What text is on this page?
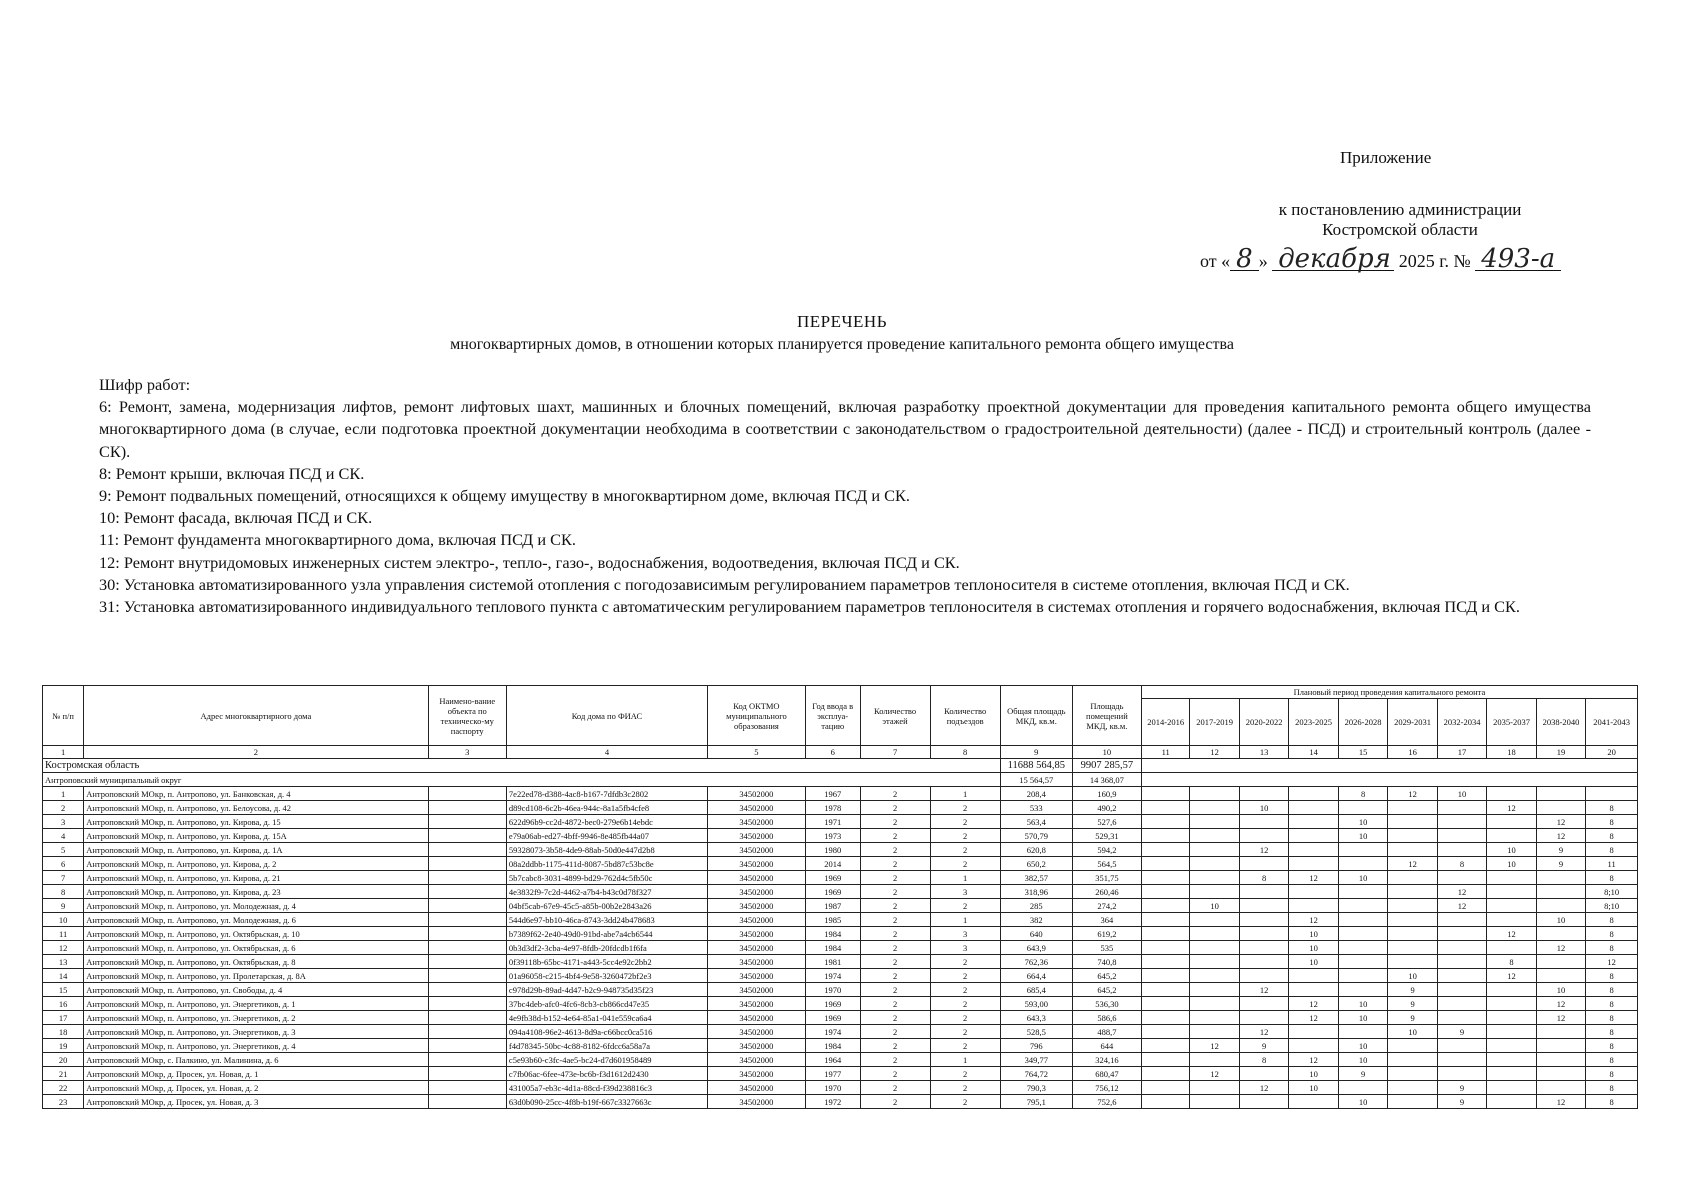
Приложение
к постановлению администрации
Костромской области
от « 8 » декабря 2025 г. № 493-а
ПЕРЕЧЕНЬ
многоквартирных домов, в отношении которых планируется проведение капитального ремонта общего имущества

Шифр работ:

6: Ремонт, замена, модернизация лифтов, ремонт лифтовых шахт, машинных и блочных помещений, включая разработку проектной документации для проведения капитального ремонта общего имущества многоквартирного дома (в случае, если подготовка проектной документации необходима в соответствии с законодательством о градостроительной деятельности) (далее - ПСД) и строительный контроль (далее - СК).

8: Ремонт крыши, включая ПСД и СК.

9: Ремонт подвальных помещений, относящихся к общему имуществу в многоквартирном доме, включая ПСД и СК.

10: Ремонт фасада, включая ПСД и СК.

11: Ремонт фундамента многоквартирного дома, включая ПСД и СК.

12: Ремонт внутридомовых инженерных систем электро-, тепло-, газо-, водоснабжения, водоотведения, включая ПСД и СК.

30: Установка автоматизированного узла управления системой отопления с погодозависимым регулированием параметров теплоносителя в системе отопления, включая ПСД и СК.

31: Установка автоматизированного индивидуального теплового пункта с автоматическим регулированием параметров теплоносителя в системах отопления и горячего водоснабжения, включая ПСД и СК.

№ п/п	Адрес многоквартирного дома	Наимено-вание объекта по техническо-му паспорту	Код дома по ФИАС	Код ОКТМО муниципального образования	Год ввода в эксплуа-тацию	Количество этажей	Количество подъездов	Общая площадь МКД, кв.м.	Площадь помещений МКД, кв.м.	Плановый период проведения капитального ремонта									
										2014-2016	2017-2019	2020-2022	2023-2025	2026-2028	2029-2031	2032-2034	2035-2037	2038-2040	2041-2043
1	2	3	4	5	6	7	8	9	10	11	12	13	14	15	16	17	18	19	20
Костромская область								11688 564,85	9907 285,57										
Антроповский муниципальный округ								15 564,57	14 368,07										
1	Антроповский МОкр, п. Антропово, ул. Банковская, д. 4		7e22ed78-d388-4ac8-b167-7dfdb3c2802	34502000	1967	2	1	208,4	160,9					8	12	10			
2	Антроповский МОкр, п. Антропово, ул. Белоусова, д. 42		d89cd108-6c2b-46ea-944c-8a1a5fb4cfe8	34502000	1978	2	2	533	490,2			10					12		8
3	Антроповский МОкр, п. Антропово, ул. Кирова, д. 15		622d96b9-cc2d-4872-bec0-279e6b14ebdc	34502000	1971	2	2	563,4	527,6					10				12	8
4	Антроповский МОкр, п. Антропово, ул. Кирова, д. 15А		e79a06ab-ed27-4bff-9946-8e485fb44a07	34502000	1973	2	2	570,79	529,31					10				12	8
5	Антроповский МОкр, п. Антропово, ул. Кирова, д. 1А		59328073-3b58-4de9-88ab-50d0e447d2b8	34502000	1980	2	2	620,8	594,2			12					10	9	8
6	Антроповский МОкр, п. Антропово, ул. Кирова, д. 2		08a2ddbb-1175-411d-8087-5bd87c53bc8e	34502000	2014	2	2	650,2	564,5						12	8	10	9	11
7	Антроповский МОкр, п. Антропово, ул. Кирова, д. 21		5b7cabc8-3031-4899-bd29-762d4c5fb50c	34502000	1969	2	1	382,57	351,75			8	12	10					8
8	Антроповский МОкр, п. Антропово, ул. Кирова, д. 23		4e3832f9-7c2d-4462-a7b4-b43c0d78f327	34502000	1969	2	3	318,96	260,46							12			8;10
9	Антроповский МОкр, п. Антропово, ул. Молодежная, д. 4		04bf5cab-67e9-45c5-a85b-00b2e2843a26	34502000	1987	2	2	285	274,2		10					12			8;10
10	Антроповский МОкр, п. Антропово, ул. Молодежная, д. 6		544d6e97-bb10-46ca-8743-3dd24b478683	34502000	1985	2	1	382	364				12					10	8
11	Антроповский МОкр, п. Антропово, ул. Октябрьская, д. 10		b7389f62-2e40-49d0-91bd-abe7a4cb6544	34502000	1984	2	3	640	619,2				10				12		8
12	Антроповский МОкр, п. Антропово, ул. Октябрьская, д. 6		0b3d3df2-3cba-4e97-8fdb-20fdcdb1f6fa	34502000	1984	2	3	643,9	535				10					12	8
13	Антроповский МОкр, п. Антропово, ул. Октябрьская, д. 8		0f39118b-65bc-4171-a443-5cc4e92c2bb2	34502000	1981	2	2	762,36	740,8				10				8		12
14	Антроповский МОкр, п. Антропово, ул. Пролетарская, д. 8А		01a96058-c215-4bf4-9e58-3260472bf2e3	34502000	1974	2	2	664,4	645,2						10		12		8
15	Антроповский МОкр, п. Антропово, ул. Свободы, д. 4		c978d29b-89ad-4d47-b2c9-948735d35f23	34502000	1970	2	2	685,4	645,2			12			9			10	8
16	Антроповский МОкр, п. Антропово, ул. Энергетиков, д. 1		37bc4deb-afc0-4fc6-8cb3-cb866cd47e35	34502000	1969	2	2	593,00	536,30				12	10	9			12	8
17	Антроповский МОкр, п. Антропово, ул. Энергетиков, д. 2		4e9fb38d-b152-4e64-85a1-041e559ca6a4	34502000	1969	2	2	643,3	586,6				12	10	9			12	8
18	Антроповский МОкр, п. Антропово, ул. Энергетиков, д. 3		094a4108-96e2-4613-8d9a-c66bcc0ca516	34502000	1974	2	2	528,5	488,7			12			10	9			8
19	Антроповский МОкр, п. Антропово, ул. Энергетиков, д. 4		f4d78345-50bc-4c88-8182-6fdcc6a58a7a	34502000	1984	2	2	796	644		12	9		10					8
20	Антроповский МОкр, с. Палкино, ул. Малинина, д. 6		c5e93b60-c3fc-4ae5-bc24-d7d601958489	34502000	1964	2	1	349,77	324,16			8	12	10					8
21	Антроповский МОкр, д. Просек, ул. Новая, д. 1		c7fb06ac-6fee-473e-bc6b-f3d1612d2430	34502000	1977	2	2	764,72	680,47		12		10	9					8
22	Антроповский МОкр, д. Просек, ул. Новая, д. 2		431005a7-eb3c-4d1a-88cd-f39d238816c3	34502000	1970	2	2	790,3	756,12			12	10			9			8
23	Антроповский МОкр, д. Просек, ул. Новая, д. 3		63d0b090-25cc-4f8b-b19f-667c3327663c	34502000	1972	2	2	795,1	752,6					10		9		12	8
